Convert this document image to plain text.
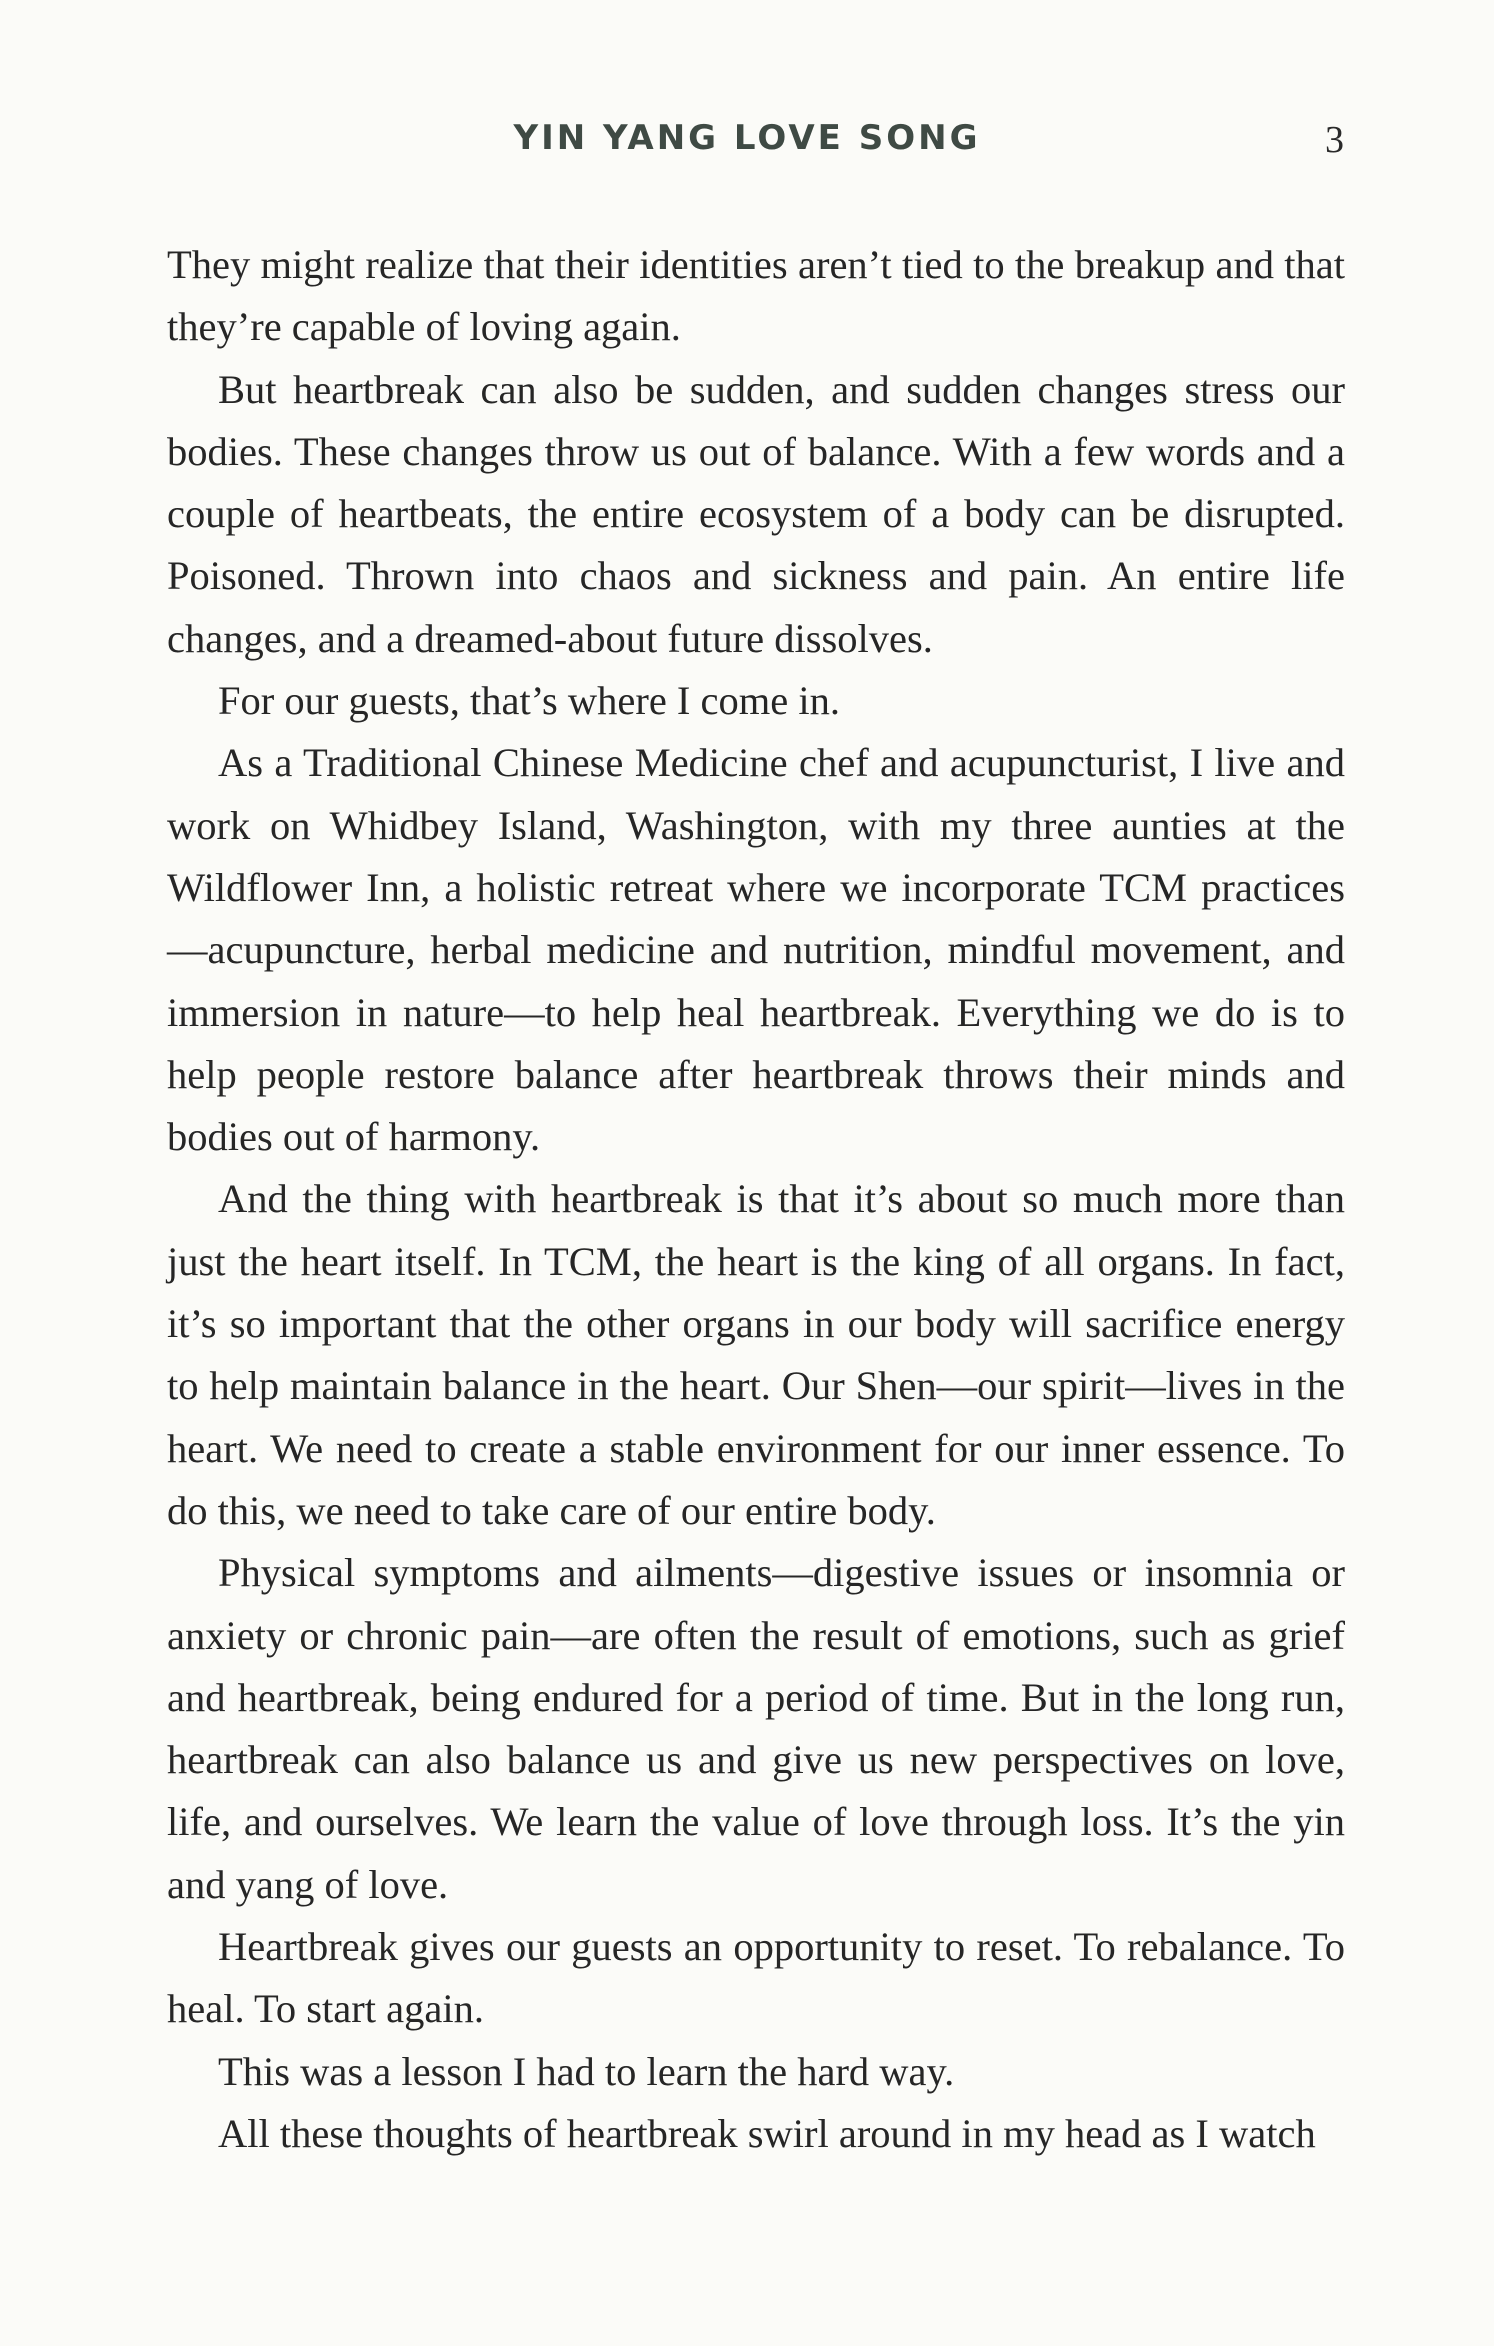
YIN YANG LOVE SONG	3

They might realize that their identities aren’t tied to the breakup and that they’re capable of loving again.

But heartbreak can also be sudden, and sudden changes stress our bodies. These changes throw us out of balance. With a few words and a couple of heartbeats, the entire ecosystem of a body can be disrupted. Poisoned. Thrown into chaos and sickness and pain. An entire life changes, and a dreamed-about future dissolves.

For our guests, that’s where I come in.

As a Traditional Chinese Medicine chef and acupuncturist, I live and work on Whidbey Island, Washington, with my three aunties at the Wildflower Inn, a holistic retreat where we incorporate TCM practices—acupuncture, herbal medicine and nutrition, mindful movement, and immersion in nature—to help heal heartbreak. Everything we do is to help people restore balance after heartbreak throws their minds and bodies out of harmony.

And the thing with heartbreak is that it’s about so much more than just the heart itself. In TCM, the heart is the king of all organs. In fact, it’s so important that the other organs in our body will sacrifice energy to help maintain balance in the heart. Our Shen—our spirit—lives in the heart. We need to create a stable environment for our inner essence. To do this, we need to take care of our entire body.

Physical symptoms and ailments—digestive issues or insomnia or anxiety or chronic pain—are often the result of emotions, such as grief and heartbreak, being endured for a period of time. But in the long run, heartbreak can also balance us and give us new perspectives on love, life, and ourselves. We learn the value of love through loss. It’s the yin and yang of love.

Heartbreak gives our guests an opportunity to reset. To rebalance. To heal. To start again.

This was a lesson I had to learn the hard way.

All these thoughts of heartbreak swirl around in my head as I watch
